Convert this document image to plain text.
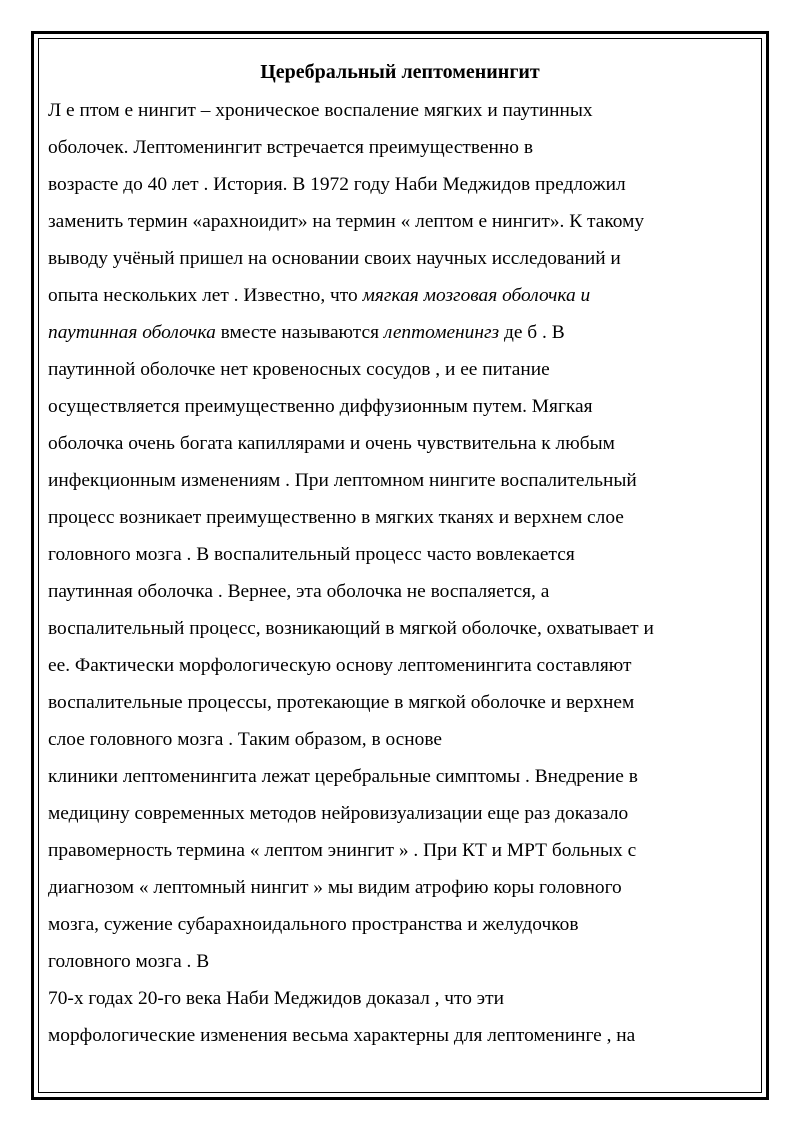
Церебральный лептоменингит
Л е птом е нингит – хроническое воспаление мягких и паутинных
оболочек. Лептоменингит встречается преимущественно в
возрасте до 40 лет . История. В 1972 году Наби Меджидов предложил
заменить термин «арахноидит» на термин « лептом е нингит». К такому
выводу учёный пришел на основании своих научных исследований и
опыта нескольких лет . Известно, что мягкая мозговая оболочка и
паутинная оболочка вместе называются лептоменингз де б . В
паутинной оболочке нет кровеносных сосудов , и ее питание
осуществляется преимущественно диффузионным путем. Мягкая
оболочка очень богата капиллярами и очень чувствительна к любым
инфекционным изменениям . При лептомном нингите воспалительный
процесс возникает преимущественно в мягких тканях и верхнем слое
головного мозга . В воспалительный процесс часто вовлекается
паутинная оболочка . Вернее, эта оболочка не воспаляется, а
воспалительный процесс, возникающий в мягкой оболочке, охватывает и
ее. Фактически морфологическую основу лептоменингита составляют
воспалительные процессы, протекающие в мягкой оболочке и верхнем
слое головного мозга . Таким образом, в основе
клиники лептоменингита лежат церебральные симптомы . Внедрение в
медицину современных методов нейровизуализации еще раз доказало
правомерность термина « лептом энингит » . При КТ и МРТ больных с
диагнозом « лептомный нингит » мы видим атрофию коры головного
мозга, сужение субарахноидального пространства и желудочков
головного мозга . В
70-х годах 20-го века Наби Меджидов доказал , что эти
морфологические изменения весьма характерны для лептоменинге , на
